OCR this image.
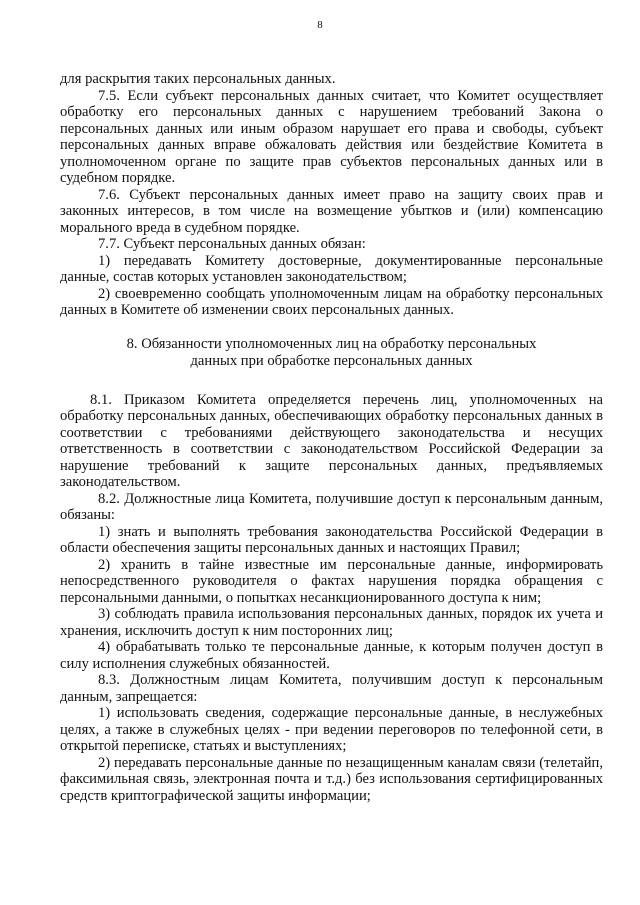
8

для раскрытия таких персональных данных.

7.5. Если субъект персональных данных считает, что Комитет осуществляет обработку его персональных данных с нарушением требований Закона о персональных данных или иным образом нарушает его права и свободы, субъект персональных данных вправе обжаловать действия или бездействие Комитета в уполномоченном органе по защите прав субъектов персональных данных или в судебном порядке.

7.6. Субъект персональных данных имеет право на защиту своих прав и законных интересов, в том числе на возмещение убытков и (или) компенсацию морального вреда в судебном порядке.

7.7. Субъект персональных данных обязан:

1) передавать Комитету достоверные, документированные персональные данные, состав которых установлен законодательством;

2) своевременно сообщать уполномоченным лицам на обработку персональных данных в Комитете об изменении своих персональных данных.

8. Обязанности уполномоченных лиц на обработку персональных
данных при обработке персональных данных

8.1. Приказом Комитета определяется перечень лиц, уполномоченных на обработку персональных данных, обеспечивающих обработку персональных данных в соответствии с требованиями действующего законодательства и несущих ответственность в соответствии с законодательством Российской Федерации за нарушение требований к защите персональных данных, предъявляемых законодательством.

8.2. Должностные лица Комитета, получившие доступ к персональным данным, обязаны:

1) знать и выполнять требования законодательства Российской Федерации в области обеспечения защиты персональных данных и настоящих Правил;

2) хранить в тайне известные им персональные данные, информировать непосредственного руководителя о фактах нарушения порядка обращения с персональными данными, о попытках несанкционированного доступа к ним;

3) соблюдать правила использования персональных данных, порядок их учета и хранения, исключить доступ к ним посторонних лиц;

4) обрабатывать только те персональные данные, к которым получен доступ в силу исполнения служебных обязанностей.

8.3. Должностным лицам Комитета, получившим доступ к персональным данным, запрещается:

1) использовать сведения, содержащие персональные данные, в неслужебных целях, а также в служебных целях - при ведении переговоров по телефонной сети, в открытой переписке, статьях и выступлениях;

2) передавать персональные данные по незащищенным каналам связи (телетайп, факсимильная связь, электронная почта и т.д.) без использования сертифицированных средств криптографической защиты информации;
